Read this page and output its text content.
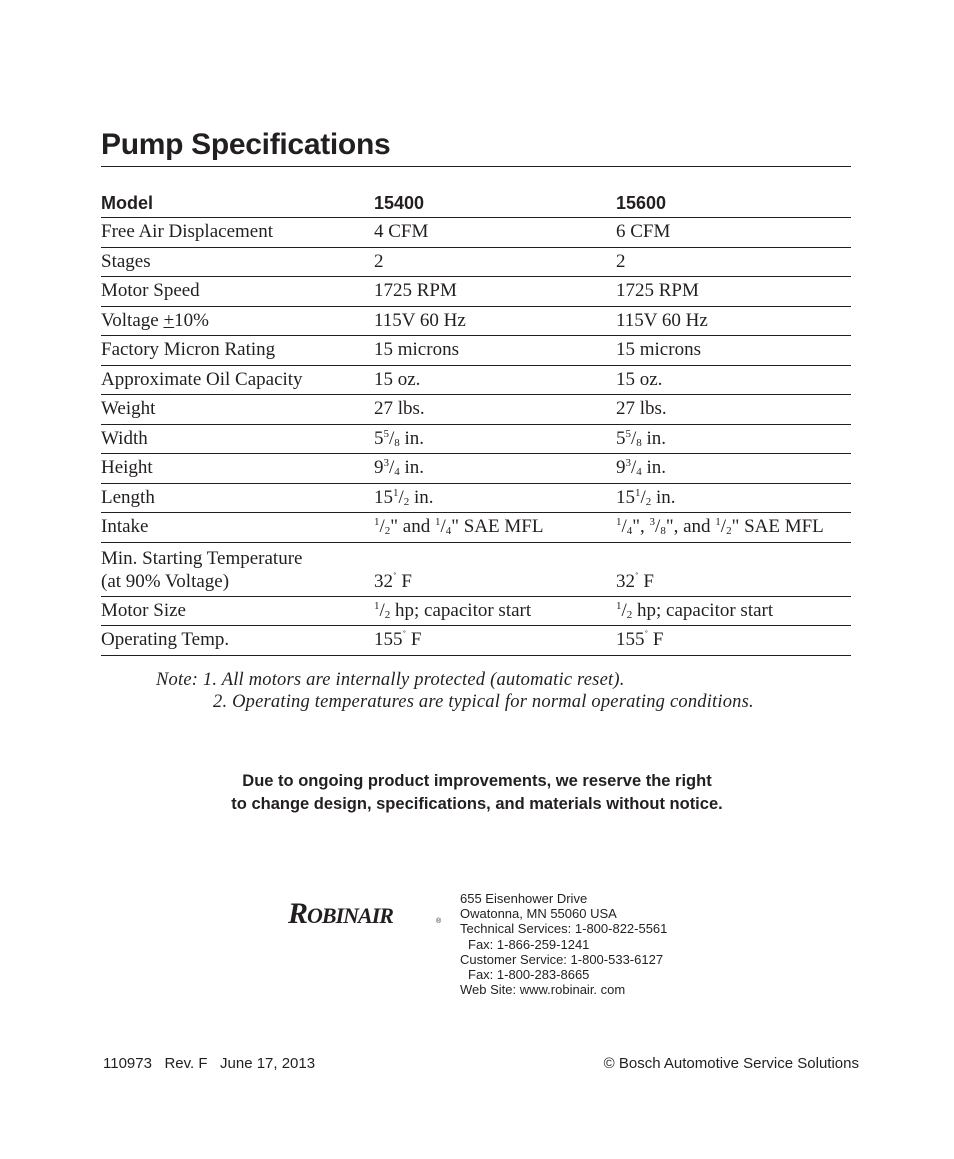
Pump Specifications
Model	15400	15600
Free Air Displacement	4 CFM	6 CFM
Stages	2	2
Motor Speed	1725 RPM	1725 RPM
Voltage +10%	115V 60 Hz	115V 60 Hz
Factory Micron Rating	15 microns	15 microns
Approximate Oil Capacity	15 oz.	15 oz.
Weight	27 lbs.	27 lbs.
Width	$5^5/_8$ in.	$5^5/_8$ in.
Height	$9^3/_4$ in.	$9^3/_4$ in.
Length	$15^1/_2$ in.	$15^1/_2$ in.
Intake	$^1/_2$" and $^1/_4$" SAE MFL	$^1/_4$", $^3/_8$", and $^1/_2$" SAE MFL

Min. Starting Temperature
(at 90% Voltage)	32˚ F	32˚ F
Motor Size	$^1/_2$ hp; capacitor start	$^1/_2$ hp; capacitor start
Operating Temp.	155˚ F	155˚ F
Note: 1. All motors are internally protected (automatic reset).
2. Operating temperatures are typical for normal operating conditions.
Due to ongoing product improvements, we reserve the right
to change design, specifications, and materials without notice.
ROBINAIR	®
655 Eisenhower Drive
Owatonna, MN 55060 USA
Technical Services: 1-800-822-5561
Fax: 1-866-259-1241
Customer Service: 1-800-533-6127
Fax: 1-800-283-8665
Web Site: www.robinair. com
110973   Rev. F   June 17, 2013	© Bosch Automotive Service Solutions
